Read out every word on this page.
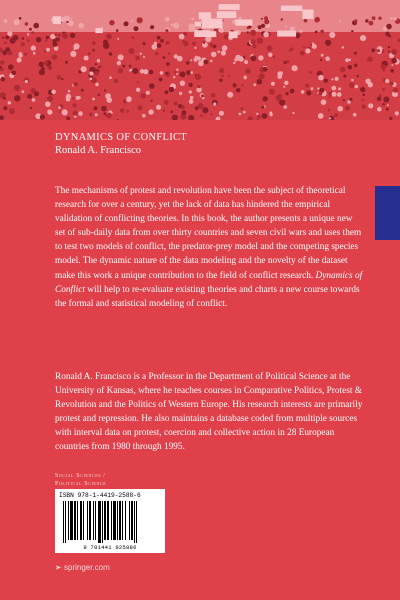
DYNAMICS OF CONFLICT
Ronald A. Francisco
The mechanisms of protest and revolution have been the subject of theoretical research for over a century, yet the lack of data has hindered the empirical validation of conflicting theories. In this book, the author presents a unique new set of sub-daily data from over thirty countries and seven civil wars and uses them to test two models of conflict, the predator-prey model and the competing species model. The dynamic nature of the data modeling and the novelty of the dataset make this work a unique contribution to the field of conflict research. Dynamics of Conflict will help to re-evaluate existing theories and charts a new course towards the formal and statistical modeling of conflict.
Ronald A. Francisco is a Professor in the Department of Political Science at the University of Kansas, where he teaches courses in Comparative Politics, Protest & Revolution and the Politics of Western Europe. His research interests are primarily protest and repression. He also maintains a database coded from multiple sources with interval data on protest, coercion and collective action in 28 European countries from 1980 through 1995.
Social Sciences /
Political Science
ISBN 978-1-4419-2588-6
9 781441 925886
springer.com
